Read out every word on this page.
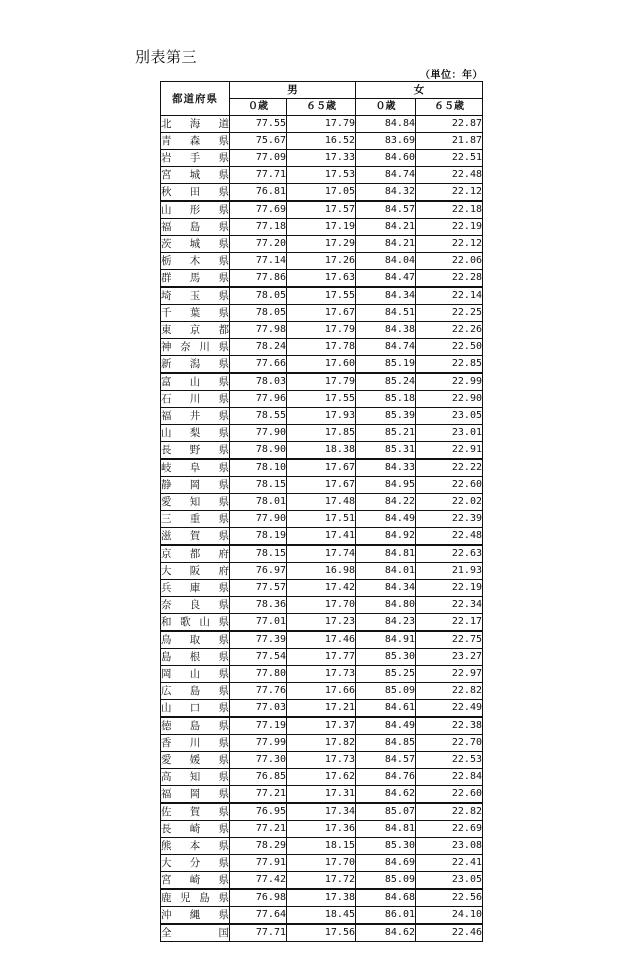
別表第三
（単位：年）
都道府県	男		女	
	０歳	６５歳	０歳	６５歳
北海道	77.55	17.79	84.84	22.87
青森県	75.67	16.52	83.69	21.87
岩手県	77.09	17.33	84.60	22.51
宮城県	77.71	17.53	84.74	22.48
秋田県	76.81	17.05	84.32	22.12
山形県	77.69	17.57	84.57	22.18
福島県	77.18	17.19	84.21	22.19
茨城県	77.20	17.29	84.21	22.12
栃木県	77.14	17.26	84.04	22.06
群馬県	77.86	17.63	84.47	22.28
埼玉県	78.05	17.55	84.34	22.14
千葉県	78.05	17.67	84.51	22.25
東京都	77.98	17.79	84.38	22.26
神奈川県	78.24	17.78	84.74	22.50
新潟県	77.66	17.60	85.19	22.85
富山県	78.03	17.79	85.24	22.99
石川県	77.96	17.55	85.18	22.90
福井県	78.55	17.93	85.39	23.05
山梨県	77.90	17.85	85.21	23.01
長野県	78.90	18.38	85.31	22.91
岐阜県	78.10	17.67	84.33	22.22
静岡県	78.15	17.67	84.95	22.60
愛知県	78.01	17.48	84.22	22.02
三重県	77.90	17.51	84.49	22.39
滋賀県	78.19	17.41	84.92	22.48
京都府	78.15	17.74	84.81	22.63
大阪府	76.97	16.98	84.01	21.93
兵庫県	77.57	17.42	84.34	22.19
奈良県	78.36	17.70	84.80	22.34
和歌山県	77.01	17.23	84.23	22.17
鳥取県	77.39	17.46	84.91	22.75
島根県	77.54	17.77	85.30	23.27
岡山県	77.80	17.73	85.25	22.97
広島県	77.76	17.66	85.09	22.82
山口県	77.03	17.21	84.61	22.49
徳島県	77.19	17.37	84.49	22.38
香川県	77.99	17.82	84.85	22.70
愛媛県	77.30	17.73	84.57	22.53
高知県	76.85	17.62	84.76	22.84
福岡県	77.21	17.31	84.62	22.60
佐賀県	76.95	17.34	85.07	22.82
長崎県	77.21	17.36	84.81	22.69
熊本県	78.29	18.15	85.30	23.08
大分県	77.91	17.70	84.69	22.41
宮崎県	77.42	17.72	85.09	23.05
鹿児島県	76.98	17.38	84.68	22.56
沖縄県	77.64	18.45	86.01	24.10
全国	77.71	17.56	84.62	22.46
